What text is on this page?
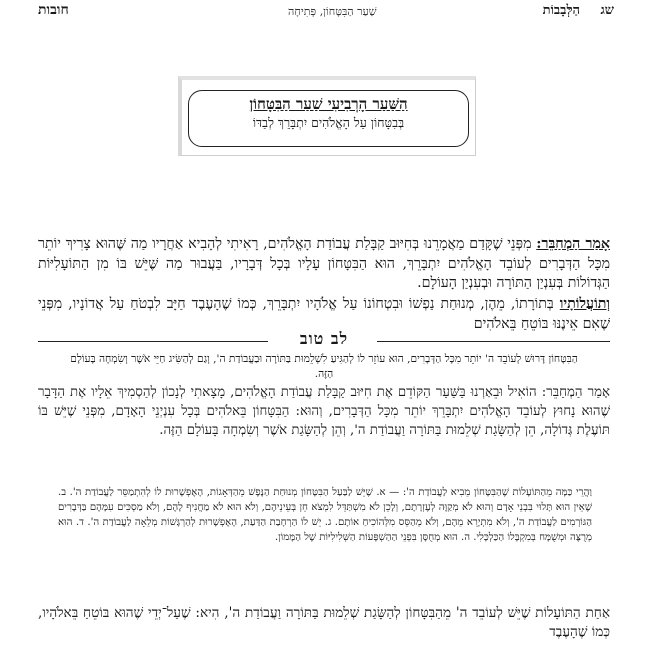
שג
הַלְּבָבוֹת
שַׁעַר הַבִּטָּחוֹן, פְּתִיחָה
חובות
הַשַּׁעַר הָרְבִיעִי שַׁעַר הַבִּטָּחוֹן
בְּבִטָּחוֹן עַל הָאֱלֹהִים יִתְבָּרֵךְ לְבַדּוֹ
אָמַר הַמְחַבֵּר: מִפְּנֵי שֶׁקָּדַם מַאֲמָרֵנוּ בְּחִיּוּב קַבָּלַת עֲבוֹדַת הָאֱלֹהִים, רָאִיתִי לְהָבִיא אַחֲרָיו מַה שֶּׁהוּא צָרִיךְ יוֹתֵר מִכָּל הַדְּבָרִים לְעוֹבֵד הָאֱלֹהִים יִתְבָּרֵךְ, הוּא הַבִּטָּחוֹן עָלָיו בְּכָל דְּבָרָיו, בַּעֲבוּר מַה שֶּׁיֵּשׁ בּוֹ מִן הַתּוֹעָלִיּוֹת הַגְּדוֹלוֹת בְּעִנְיַן הַתּוֹרָה וּבְעִנְיַן הָעוֹלָם.
וְתוֹעֲלוֹתָיו בְּתוֹרָתוֹ, מֵהֶן, מְנוּחַת נַפְשׁוֹ וּבִטְחוֹנוֹ עַל אֱלֹהָיו יִתְבָּרֵךְ, כְּמוֹ שֶׁהָעֶבֶד חַיָּב לִבְטֹחַ עַל אֲדוֹנָיו, מִפְּנֵי שֶׁאִם אֵינֶנּוּ בּוֹטֵחַ בֵּאלֹהִים
לב טוב
הַבִּטָּחוֹן דָּרוּשׁ לְעוֹבֵד ה' יוֹתֵר מִכָּל הַדְּבָרִים, הוּא עוֹזֵר לוֹ לְהַגִּיעַ לִשְׁלֵמוּת בַּתּוֹרָה וּבַעֲבוֹדַת ה', וְגַם לְהַשִּׂיג חַיֵּי אֹשֶׁר וְשִׂמְחָה בָּעוֹלָם הַזֶּה.
אָמַר הַמְחַבֵּר: הוֹאִיל וּבֵאַרְנוּ בַּשַּׁעַר הַקּוֹדֵם אֶת חִיּוּב קַבָּלַת עֲבוֹדַת הָאֱלֹהִים, מָצָאתִי לְנָכוֹן לְהַסְמִיךְ אֵלָיו אֶת הַדָּבָר שֶׁהוּא נָחוּץ לְעוֹבֵד הָאֱלֹהִים יִתְבָּרֵךְ יוֹתֵר מִכָּל הַדְּבָרִים, וְהוּא: הַבִּטָּחוֹן בֵּאלֹהִים בְּכָל עִנְיְנֵי הָאָדָם, מִפְּנֵי שֶׁיֵּשׁ בּוֹ תּוֹעֶלֶת גְּדוֹלָה, הֵן לְהַשָּׂגַת שְׁלֵמוּת בַּתּוֹרָה וַעֲבוֹדַת ה', וְהֵן לְהַשָּׂגַת אֹשֶׁר וְשִׂמְחָה בָּעוֹלָם הַזֶּה.
וַהֲרֵי כַּמָּה מֵהַתּוֹעָלוֹת שֶׁהַבִּטָּחוֹן מֵבִיא לַעֲבוֹדַת ה': — א. שֶׁיֵּשׁ לַבַּעַל הַבִּטָּחוֹן מְנוּחַת הַנֶּפֶשׁ מֵהַדְּאָגוֹת, הָאֶפְשָׁרוּת לוֹ לְהִתְמַסֵּר לַעֲבוֹדַת ה'. ב. שֶׁאֵין הוּא תָּלוּי בִּבְנֵי אָדָם וְהוּא לֹא מְקַוֶּה לְעֶזְרָתָם, וְלָכֵן לֹא מִשְׁתַּדֵּל לִמְצֹא חֵן בְּעֵינֵיהֶם, וְלֹא הוּא לֹא מַחֲנִיף לָהֶם, וְלֹא מַסְכִּים עִמָּהֶם בַּדְּבָרִים הַגּוֹרְמִים לַעֲבוֹדַת ה', וְלֹא מִתְיָרֵא מֵהֶם, וְלֹא מְהַסֵּס מִלְּהוֹכִיחַ אוֹתָם. ג. יֵשׁ לוֹ הַרְחָבַת הַדַּעַת, הָאֶפְשָׁרוּת לְהַרְגָּשׁוֹת מְלֵאָה לַעֲבוֹדַת ה'. ד. הוּא מְרֻצֶּה וּמְשֻׁמָּח בְּמִקְבָּלוֹ הַכַּלְכָּלִי. ה. הוּא מְחֻסָּן בִּפְנֵי הַהַשְׁפָּעוֹת הַשְּׁלִילִיּוֹת שֶׁל הַמָּמוֹן.
אַחַת הַתּוֹעָלוֹת שֶׁיֵּשׁ לְעוֹבֵד ה' מֵהַבִּטָּחוֹן לְהַשָּׂגַת שְׁלֵמוּת בַּתּוֹרָה וַעֲבוֹדַת ה', הִיא: שֶׁעַל־יְדֵי שֶׁהוּא בּוֹטֵחַ בֵּאלֹהָיו, כְּמוֹ שֶׁהָעֶבֶד
